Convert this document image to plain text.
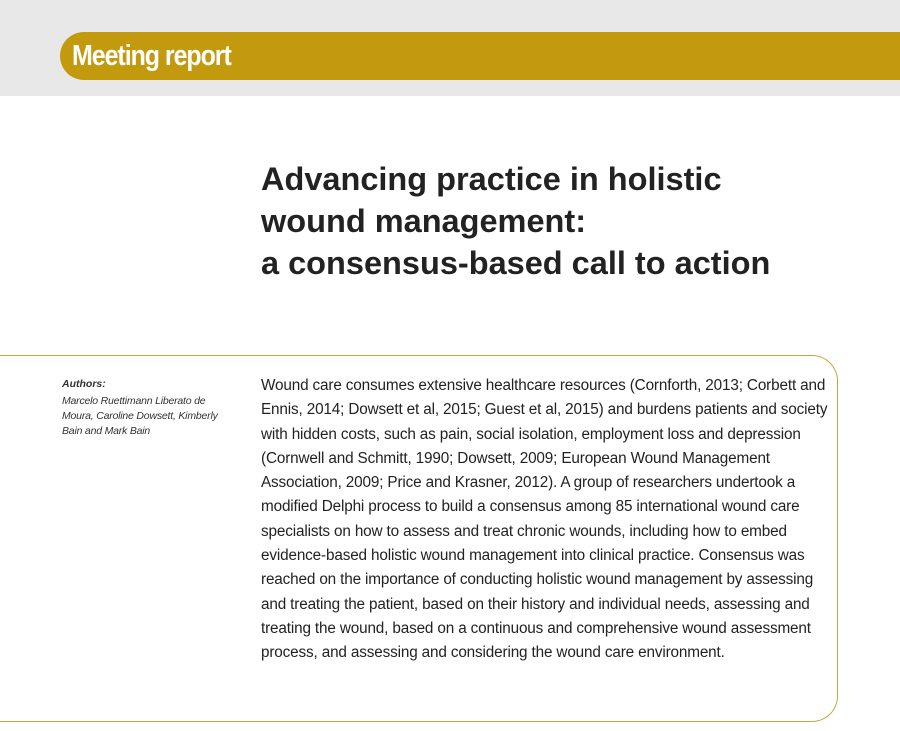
Meeting report
Advancing practice in holistic
wound management:
a consensus-based call to action
Authors:
Marcelo Ruettimann Liberato de Moura, Caroline Dowsett, Kimberly Bain and Mark Bain

Wound care consumes extensive healthcare resources (Cornforth, 2013; Corbett and Ennis, 2014; Dowsett et al, 2015; Guest et al, 2015) and burdens patients and society with hidden costs, such as pain, social isolation, employment loss and depression (Cornwell and Schmitt, 1990; Dowsett, 2009; European Wound Management Association, 2009; Price and Krasner, 2012). A group of researchers undertook a modified Delphi process to build a consensus among 85 international wound care specialists on how to assess and treat chronic wounds, including how to embed evidence-based holistic wound management into clinical practice. Consensus was reached on the importance of conducting holistic wound management by assessing and treating the patient, based on their history and individual needs, assessing and treating the wound, based on a continuous and comprehensive wound assessment process, and assessing and considering the wound care environment.
